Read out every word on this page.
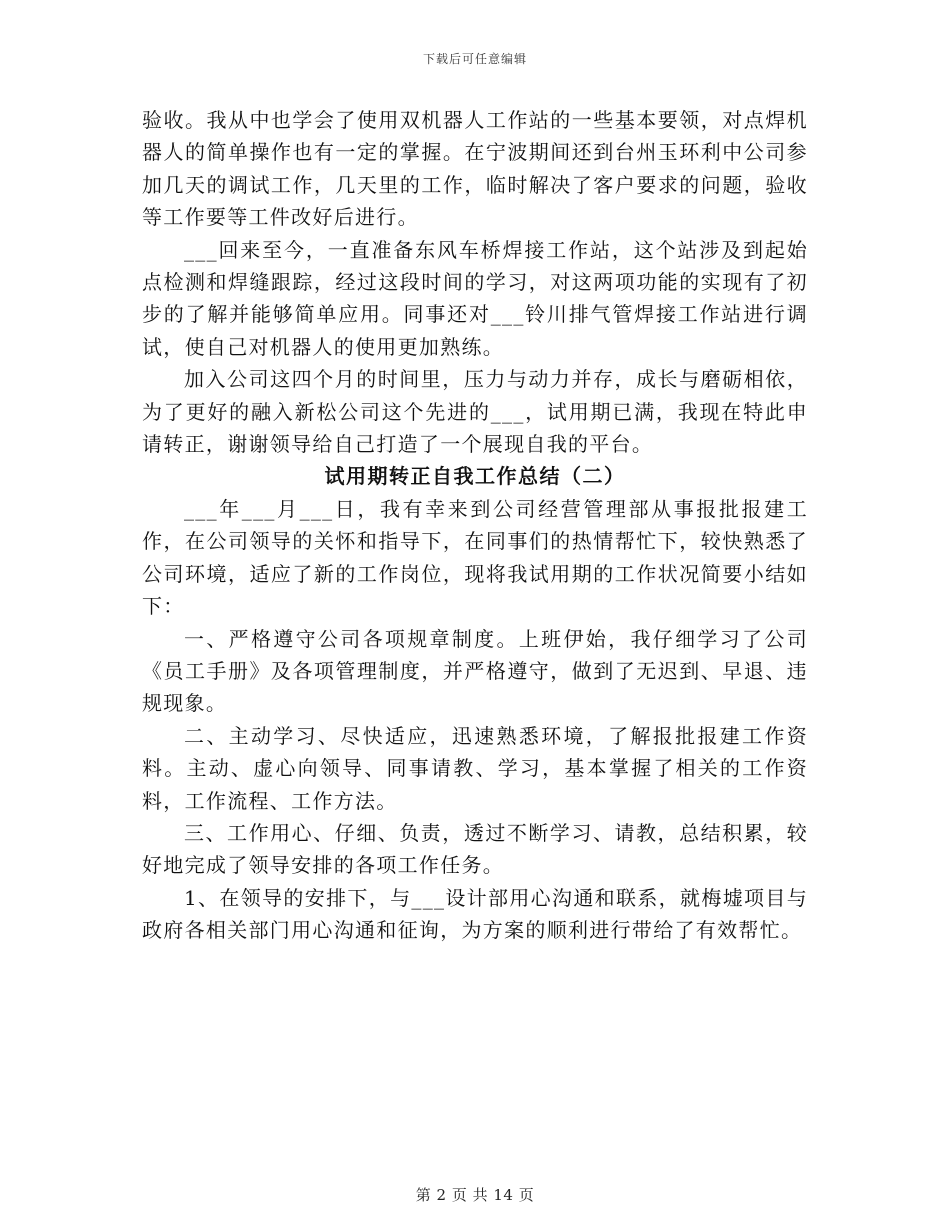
下载后可任意编辑

验收。我从中也学会了使用双机器人工作站的一些基本要领，对点焊机器人的简单操作也有一定的掌握。在宁波期间还到台州玉环利中公司参加几天的调试工作，几天里的工作，临时解决了客户要求的问题，验收等工作要等工件改好后进行。

___回来至今，一直准备东风车桥焊接工作站，这个站涉及到起始点检测和焊缝跟踪，经过这段时间的学习，对这两项功能的实现有了初步的了解并能够简单应用。同事还对___铃川排气管焊接工作站进行调试，使自己对机器人的使用更加熟练。

加入公司这四个月的时间里，压力与动力并存，成长与磨砺相依，为了更好的融入新松公司这个先进的___，试用期已满，我现在特此申请转正，谢谢领导给自己打造了一个展现自我的平台。

试用期转正自我工作总结（二）

___年___月___日，我有幸来到公司经营管理部从事报批报建工作，在公司领导的关怀和指导下，在同事们的热情帮忙下，较快熟悉了公司环境，适应了新的工作岗位，现将我试用期的工作状况简要小结如下：

一、严格遵守公司各项规章制度。上班伊始，我仔细学习了公司《员工手册》及各项管理制度，并严格遵守，做到了无迟到、早退、违规现象。

二、主动学习、尽快适应，迅速熟悉环境，了解报批报建工作资料。主动、虚心向领导、同事请教、学习，基本掌握了相关的工作资料，工作流程、工作方法。

三、工作用心、仔细、负责，透过不断学习、请教，总结积累，较好地完成了领导安排的各项工作任务。

1、在领导的安排下，与___设计部用心沟通和联系，就梅墟项目与政府各相关部门用心沟通和征询，为方案的顺利进行带给了有效帮忙。

第 2 页 共 14 页
